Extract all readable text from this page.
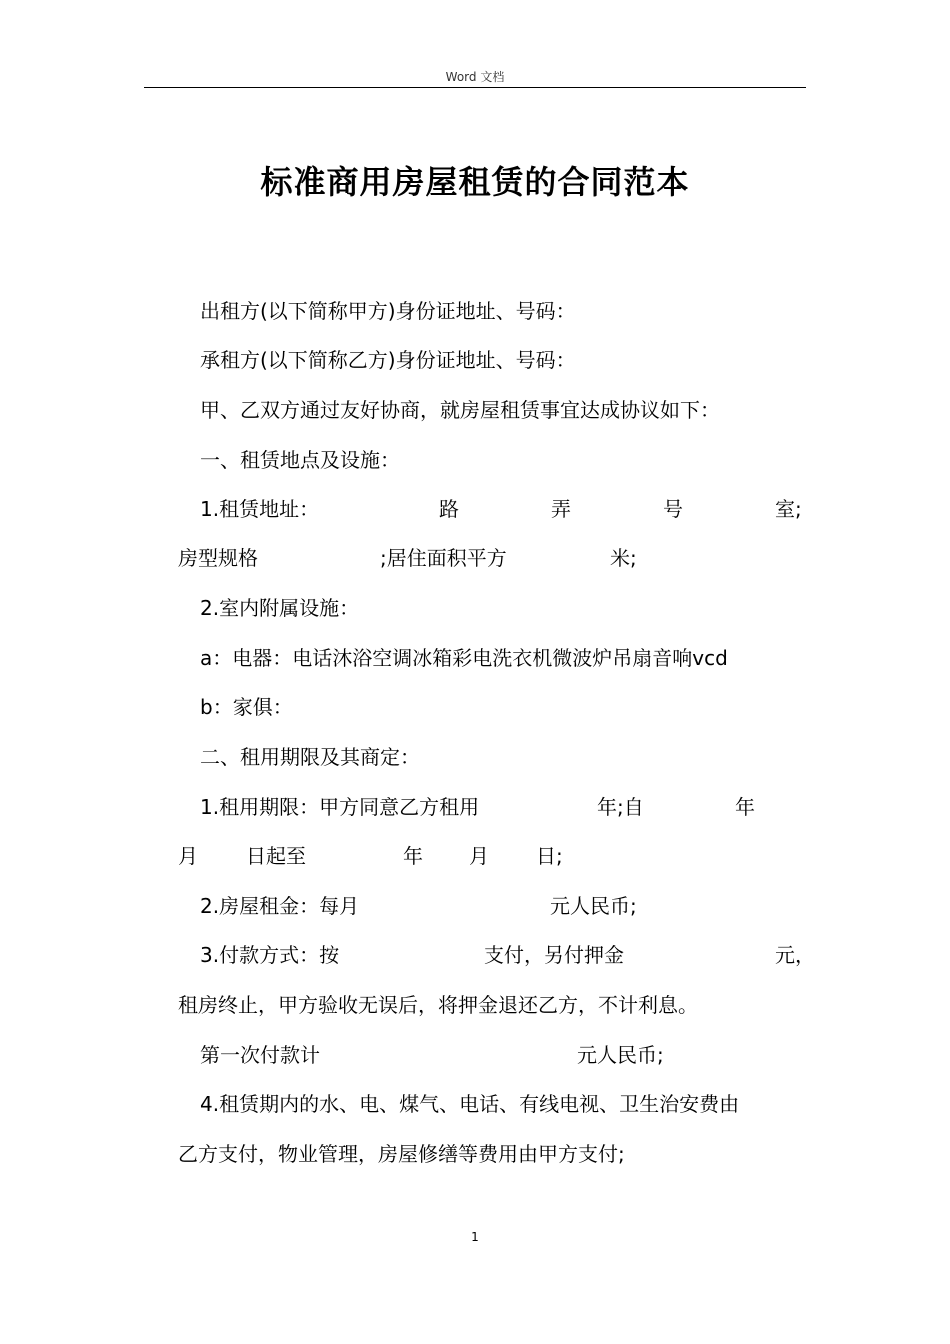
Word 文档
标准商用房屋租赁的合同范本
出租方(以下简称甲方)身份证地址、号码：
承租方(以下简称乙方)身份证地址、号码：
甲、乙双方通过友好协商，就房屋租赁事宜达成协议如下：
一、租赁地点及设施：
1.租赁地址：	路	弄	号	室;
房型规格	;居住面积平方	米;
2.室内附属设施：
a：电器：电话沐浴空调冰箱彩电洗衣机微波炉吊扇音响vcd
b：家俱：
二、租用期限及其商定：
1.租用期限：甲方同意乙方租用	年;自	年
月 日起至	年 月 日;
2.房屋租金：每月	元人民币;
3.付款方式：按	支付，另付押金	元，
租房终止，甲方验收无误后，将押金退还乙方，不计利息。
第一次付款计	元人民币;
4.租赁期内的水、电、煤气、电话、有线电视、卫生治安费由
乙方支付，物业管理，房屋修缮等费用由甲方支付;
1
